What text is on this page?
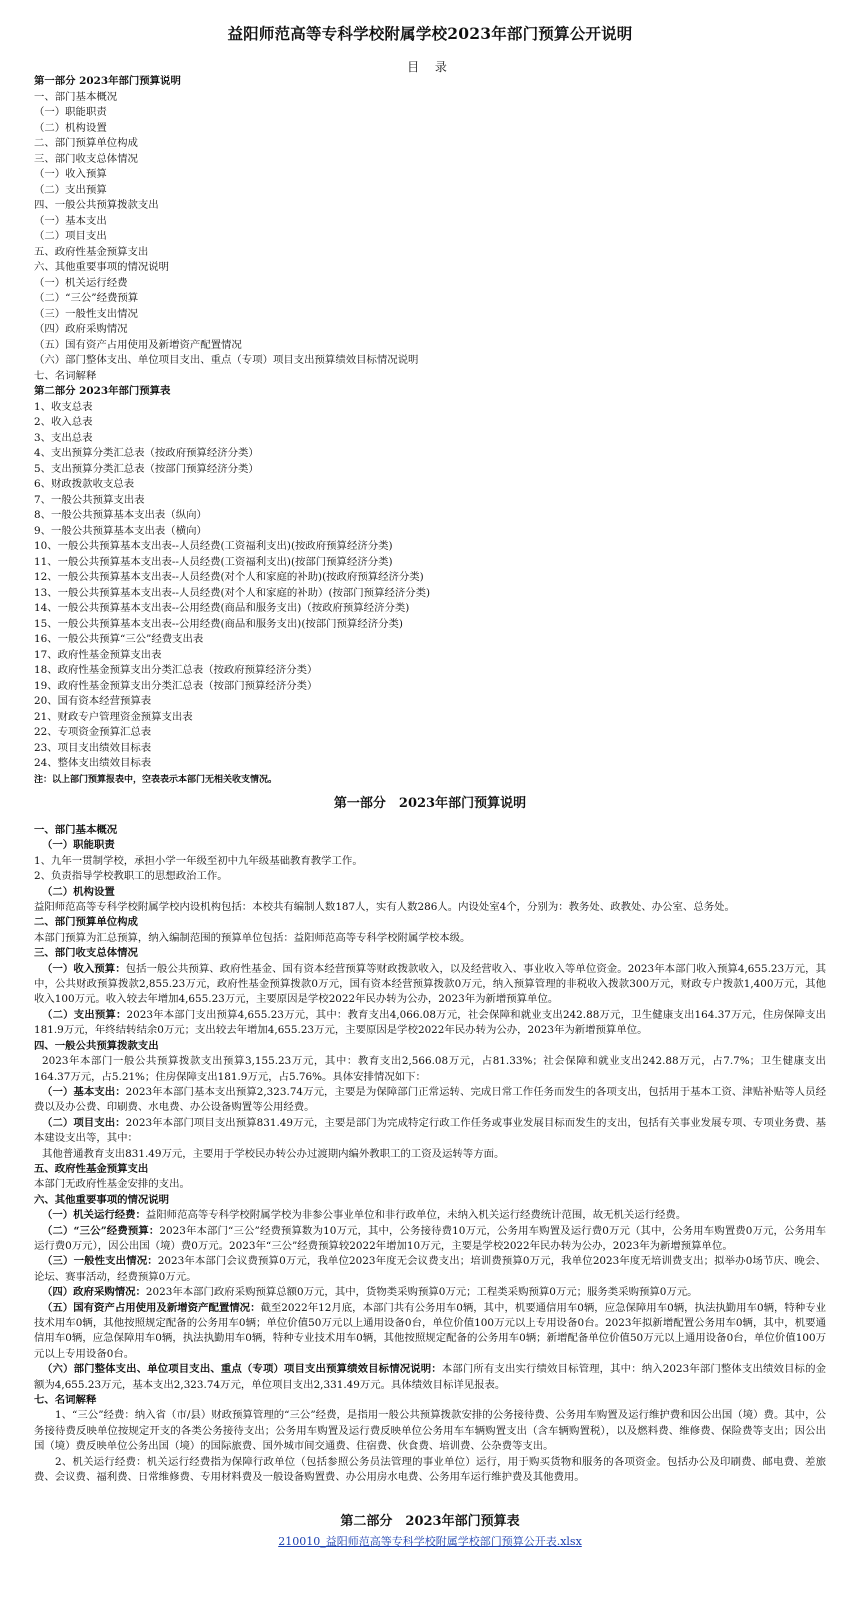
益阳师范高等专科学校附属学校2023年部门预算公开说明
目 录
第一部分 2023年部门预算说明
一、部门基本概况
（一）职能职责
（二）机构设置
二、部门预算单位构成
三、部门收支总体情况
（一）收入预算
（二）支出预算
四、一般公共预算拨款支出
（一）基本支出
（二）项目支出
五、政府性基金预算支出
六、其他重要事项的情况说明
（一）机关运行经费
（二）“三公”经费预算
（三）一般性支出情况
（四）政府采购情况
（五）国有资产占用使用及新增资产配置情况
（六）部门整体支出、单位项目支出、重点（专项）项目支出预算绩效目标情况说明
七、名词解释
第二部分 2023年部门预算表
1、收支总表
2、收入总表
3、支出总表
4、支出预算分类汇总表（按政府预算经济分类）
5、支出预算分类汇总表（按部门预算经济分类）
6、财政拨款收支总表
7、一般公共预算支出表
8、一般公共预算基本支出表（纵向）
9、一般公共预算基本支出表（横向）
10、一般公共预算基本支出表--人员经费(工资福利支出)(按政府预算经济分类)
11、一般公共预算基本支出表--人员经费(工资福利支出)(按部门预算经济分类)
12、一般公共预算基本支出表--人员经费(对个人和家庭的补助)(按政府预算经济分类)
13、一般公共预算基本支出表--人员经费(对个人和家庭的补助）(按部门预算经济分类)
14、一般公共预算基本支出表--公用经费(商品和服务支出)（按政府预算经济分类)
15、一般公共预算基本支出表--公用经费(商品和服务支出)(按部门预算经济分类)
16、一般公共预算“三公”经费支出表
17、政府性基金预算支出表
18、政府性基金预算支出分类汇总表（按政府预算经济分类）
19、政府性基金预算支出分类汇总表（按部门预算经济分类）
20、国有资本经营预算表
21、财政专户管理资金预算支出表
22、专项资金预算汇总表
23、项目支出绩效目标表
24、整体支出绩效目标表
注：以上部门预算报表中，空表表示本部门无相关收支情况。
第一部分　2023年部门预算说明

一、部门基本概况

（一）职能职责

1、九年一贯制学校，承担小学一年级至初中九年级基础教育教学工作。

2、负责指导学校教职工的思想政治工作。

（二）机构设置

益阳师范高等专科学校附属学校内设机构包括：本校共有编制人数187人，实有人数286人。内设处室4个，分别为：教务处、政教处、办公室、总务处。

二、部门预算单位构成

本部门预算为汇总预算，纳入编制范围的预算单位包括：益阳师范高等专科学校附属学校本级。

三、部门收支总体情况

（一）收入预算：包括一般公共预算、政府性基金、国有资本经营预算等财政拨款收入，以及经营收入、事业收入等单位资金。2023年本部门收入预算4,655.23万元，其中，公共财政预算拨款2,855.23万元，政府性基金预算拨款0万元，国有资本经营预算拨款0万元，纳入预算管理的非税收入拨款300万元，财政专户拨款1,400万元，其他收入100万元。收入较去年增加4,655.23万元，主要原因是学校2022年民办转为公办，2023年为新增预算单位。

（二）支出预算：2023年本部门支出预算4,655.23万元，其中：教育支出4,066.08万元，社会保障和就业支出242.88万元，卫生健康支出164.37万元，住房保障支出181.9万元，年终结转结余0万元；支出较去年增加4,655.23万元，主要原因是学校2022年民办转为公办，2023年为新增预算单位。

四、一般公共预算拨款支出

2023年本部门一般公共预算拨款支出预算3,155.23万元，其中：教育支出2,566.08万元，占81.33%；社会保障和就业支出242.88万元，占7.7%；卫生健康支出164.37万元，占5.21%；住房保障支出181.9万元，占5.76%。具体安排情况如下：

（一）基本支出：2023年本部门基本支出预算2,323.74万元，主要是为保障部门正常运转、完成日常工作任务而发生的各项支出，包括用于基本工资、津贴补贴等人员经费以及办公费、印刷费、水电费、办公设备购置等公用经费。

（二）项目支出：2023年本部门项目支出预算831.49万元，主要是部门为完成特定行政工作任务或事业发展目标而发生的支出，包括有关事业发展专项、专项业务费、基本建设支出等，其中：

其他普通教育支出831.49万元，主要用于学校民办转公办过渡期内编外教职工的工资及运转等方面。

五、政府性基金预算支出

本部门无政府性基金安排的支出。

六、其他重要事项的情况说明

（一）机关运行经费：益阳师范高等专科学校附属学校为非参公事业单位和非行政单位，未纳入机关运行经费统计范围，故无机关运行经费。

（二）“三公”经费预算：2023年本部门“三公”经费预算数为10万元，其中，公务接待费10万元，公务用车购置及运行费0万元（其中，公务用车购置费0万元，公务用车运行费0万元），因公出国（境）费0万元。2023年“三公”经费预算较2022年增加10万元，主要是学校2022年民办转为公办，2023年为新增预算单位。

（三）一般性支出情况：2023年本部门会议费预算0万元，我单位2023年度无会议费支出；培训费预算0万元，我单位2023年度无培训费支出；拟举办0场节庆、晚会、论坛、赛事活动，经费预算0万元。

（四）政府采购情况：2023年本部门政府采购预算总额0万元，其中，货物类采购预算0万元；工程类采购预算0万元；服务类采购预算0万元。

（五）国有资产占用使用及新增资产配置情况：截至2022年12月底，本部门共有公务用车0辆，其中，机要通信用车0辆，应急保障用车0辆，执法执勤用车0辆，特种专业技术用车0辆，其他按照规定配备的公务用车0辆；单位价值50万元以上通用设备0台，单位价值100万元以上专用设备0台。2023年拟新增配置公务用车0辆，其中，机要通信用车0辆，应急保障用车0辆，执法执勤用车0辆，特种专业技术用车0辆，其他按照规定配备的公务用车0辆；新增配备单位价值50万元以上通用设备0台，单位价值100万元以上专用设备0台。

（六）部门整体支出、单位项目支出、重点（专项）项目支出预算绩效目标情况说明：本部门所有支出实行绩效目标管理，其中：纳入2023年部门整体支出绩效目标的金额为4,655.23万元，基本支出2,323.74万元，单位项目支出2,331.49万元。具体绩效目标详见报表。

七、名词解释

1、“三公”经费：纳入省（市/县）财政预算管理的“三公”经费，是指用一般公共预算拨款安排的公务接待费、公务用车购置及运行维护费和因公出国（境）费。其中，公务接待费反映单位按规定开支的各类公务接待支出；公务用车购置及运行费反映单位公务用车车辆购置支出（含车辆购置税），以及燃料费、维修费、保险费等支出；因公出国（境）费反映单位公务出国（境）的国际旅费、国外城市间交通费、住宿费、伙食费、培训费、公杂费等支出。

2、机关运行经费：机关运行经费指为保障行政单位（包括参照公务员法管理的事业单位）运行，用于购买货物和服务的各项资金。包括办公及印刷费、邮电费、差旅费、会议费、福利费、日常维修费、专用材料费及一般设备购置费、办公用房水电费、公务用车运行维护费及其他费用。

第二部分　2023年部门预算表
210010_益阳师范高等专科学校附属学校部门预算公开表.xlsx
